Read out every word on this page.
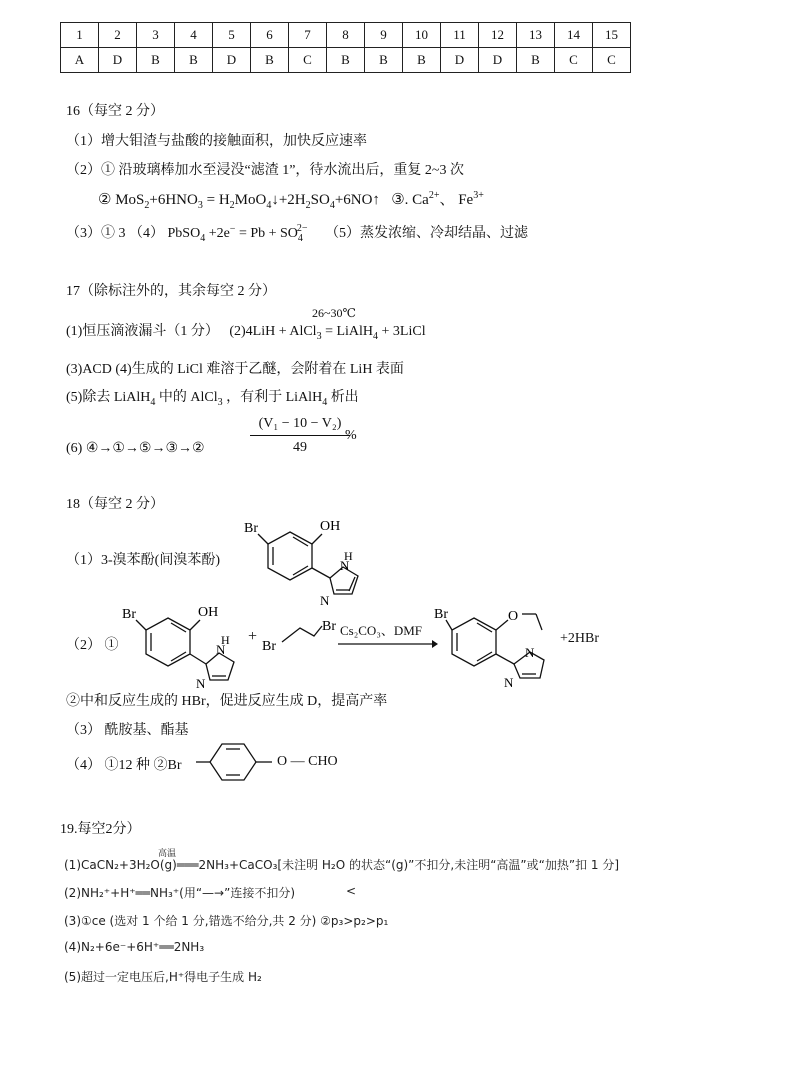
1	2	3	4	5	6	7	8	9	10	11	12	13	14	15
A	D	B	B	D	B	C	B	B	B	D	D	B	C	C
16（每空 2 分）
（1）增大钼渣与盐酸的接触面积，加快反应速率
（2）① 沿玻璃棒加水至浸没“滤渣 1”，待水流出后，重复 2~3 次
② $MoS_2+6HNO_3$ = $H_2MoO_4↓+2H_2SO_4+6NO↑$ ③. $Ca^{2+}$、 $Fe^{3+}$
（3）① 3 （4） PbSO$_4$ $+2e^- = Pb + SO_4^{2-}$ （5）蒸发浓缩、冷却结晶、过滤
17（除标注外的，其余每空 2 分）
26~30℃
(1)恒压滴液漏斗（1 分） (2)4LiH + AlCl$_3$ = LiAlH$_4$ + 3LiCl
(3)ACD (4)生成的 LiCl 难溶于乙醚，会附着在 LiH 表面
(5)除去 LiAlH$_4$ 中的 AlCl$_3$ ，有利于 LiAlH$_4$ 析出
(6) ④→①→⑤→③→②	$\frac{\text{(V₁ − 10 − V₂)}}{49}$
%
18（每空 2 分）
（1）3-溴苯酚(间溴苯酚)
Br	OH
H
N
N
（2） ①
Br	OH
H
N
N
+
Br
Br Cs₂CO₃、DMF
Br	O
N
N
+2HBr
②中和反应生成的 HBr，促进反应生成 D，提高产率
（3） 酰胺基、酯基
（4） ①12 种 ②Br	O — CHO
19.每空2分）
高温
(1)CaCN₂+3H₂O(g)═══2NH₃+CaCO₃[未注明 H₂O 的状态“(g)”不扣分,未注明“高温”或“加热”扣 1 分]
(2)NH₂⁺+H⁺══NH₃⁺(用“—→”连接不扣分)	<
(3)①ce (选对 1 个给 1 分,错选不给分,共 2 分) ②p₃>p₂>p₁
(4)N₂+6e⁻+6H⁺══2NH₃
(5)超过一定电压后,H⁺得电子生成 H₂
